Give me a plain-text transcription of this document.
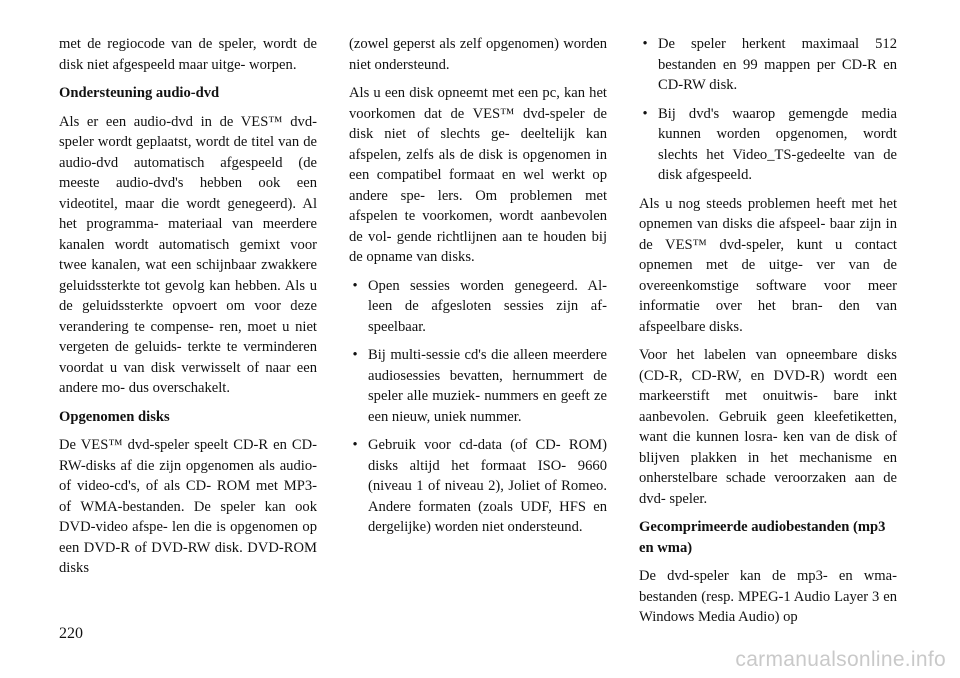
met de regiocode van de speler, wordt de disk niet afgespeeld maar uitge- worpen.

Ondersteuning audio-dvd

Als er een audio-dvd in de VES™ dvd-speler wordt geplaatst, wordt de titel van de audio-dvd automatisch afgespeeld (de meeste audio-dvd's hebben ook een videotitel, maar die wordt genegeerd). Al het programma- materiaal van meerdere kanalen wordt automatisch gemixt voor twee kanalen, wat een schijnbaar zwakkere geluidssterkte tot gevolg kan hebben. Als u de geluidssterkte opvoert om voor deze verandering te compense- ren, moet u niet vergeten de geluids- terkte te verminderen voordat u van disk verwisselt of naar een andere mo- dus overschakelt.

Opgenomen disks

De VES™ dvd-speler speelt CD-R en CD-RW-disks af die zijn opgenomen als audio- of video-cd's, of als CD- ROM met MP3- of WMA-bestanden. De speler kan ook DVD-video afspe- len die is opgenomen op een DVD-R of DVD-RW disk. DVD-ROM disks

(zowel geperst als zelf opgenomen) worden niet ondersteund.

Als u een disk opneemt met een pc, kan het voorkomen dat de VES™ dvd-speler de disk niet of slechts ge- deeltelijk kan afspelen, zelfs als de disk is opgenomen in een compatibel formaat en wel werkt op andere spe- lers. Om problemen met afspelen te voorkomen, wordt aanbevolen de vol- gende richtlijnen aan te houden bij de opname van disks.

• Open sessies worden genegeerd. Al- leen de afgesloten sessies zijn af- speelbaar.
• Bij multi-sessie cd's die alleen meerdere audiosessies bevatten, hernummert de speler alle muziek- nummers en geeft ze een nieuw, uniek nummer.
• Gebruik voor cd-data (of CD- ROM) disks altijd het formaat ISO- 9660 (niveau 1 of niveau 2), Joliet of Romeo. Andere formaten (zoals UDF, HFS en dergelijke) worden niet ondersteund.
• De speler herkent maximaal 512 bestanden en 99 mappen per CD-R en CD-RW disk.
• Bij dvd's waarop gemengde media kunnen worden opgenomen, wordt slechts het Video_TS-gedeelte van de disk afgespeeld.

Als u nog steeds problemen heeft met het opnemen van disks die afspeel- baar zijn in de VES™ dvd-speler, kunt u contact opnemen met de uitge- ver van de overeenkomstige software voor meer informatie over het bran- den van afspeelbare disks.

Voor het labelen van opneembare disks (CD-R, CD-RW, en DVD-R) wordt een markeerstift met onuitwis- bare inkt aanbevolen. Gebruik geen kleefetiketten, want die kunnen losra- ken van de disk of blijven plakken in het mechanisme en onherstelbare schade veroorzaken aan de dvd- speler.

Gecomprimeerde audiobestanden (mp3 en wma)

De dvd-speler kan de mp3- en wma- bestanden (resp. MPEG-1 Audio Layer 3 en Windows Media Audio) op

220
carmanualsonline.info
